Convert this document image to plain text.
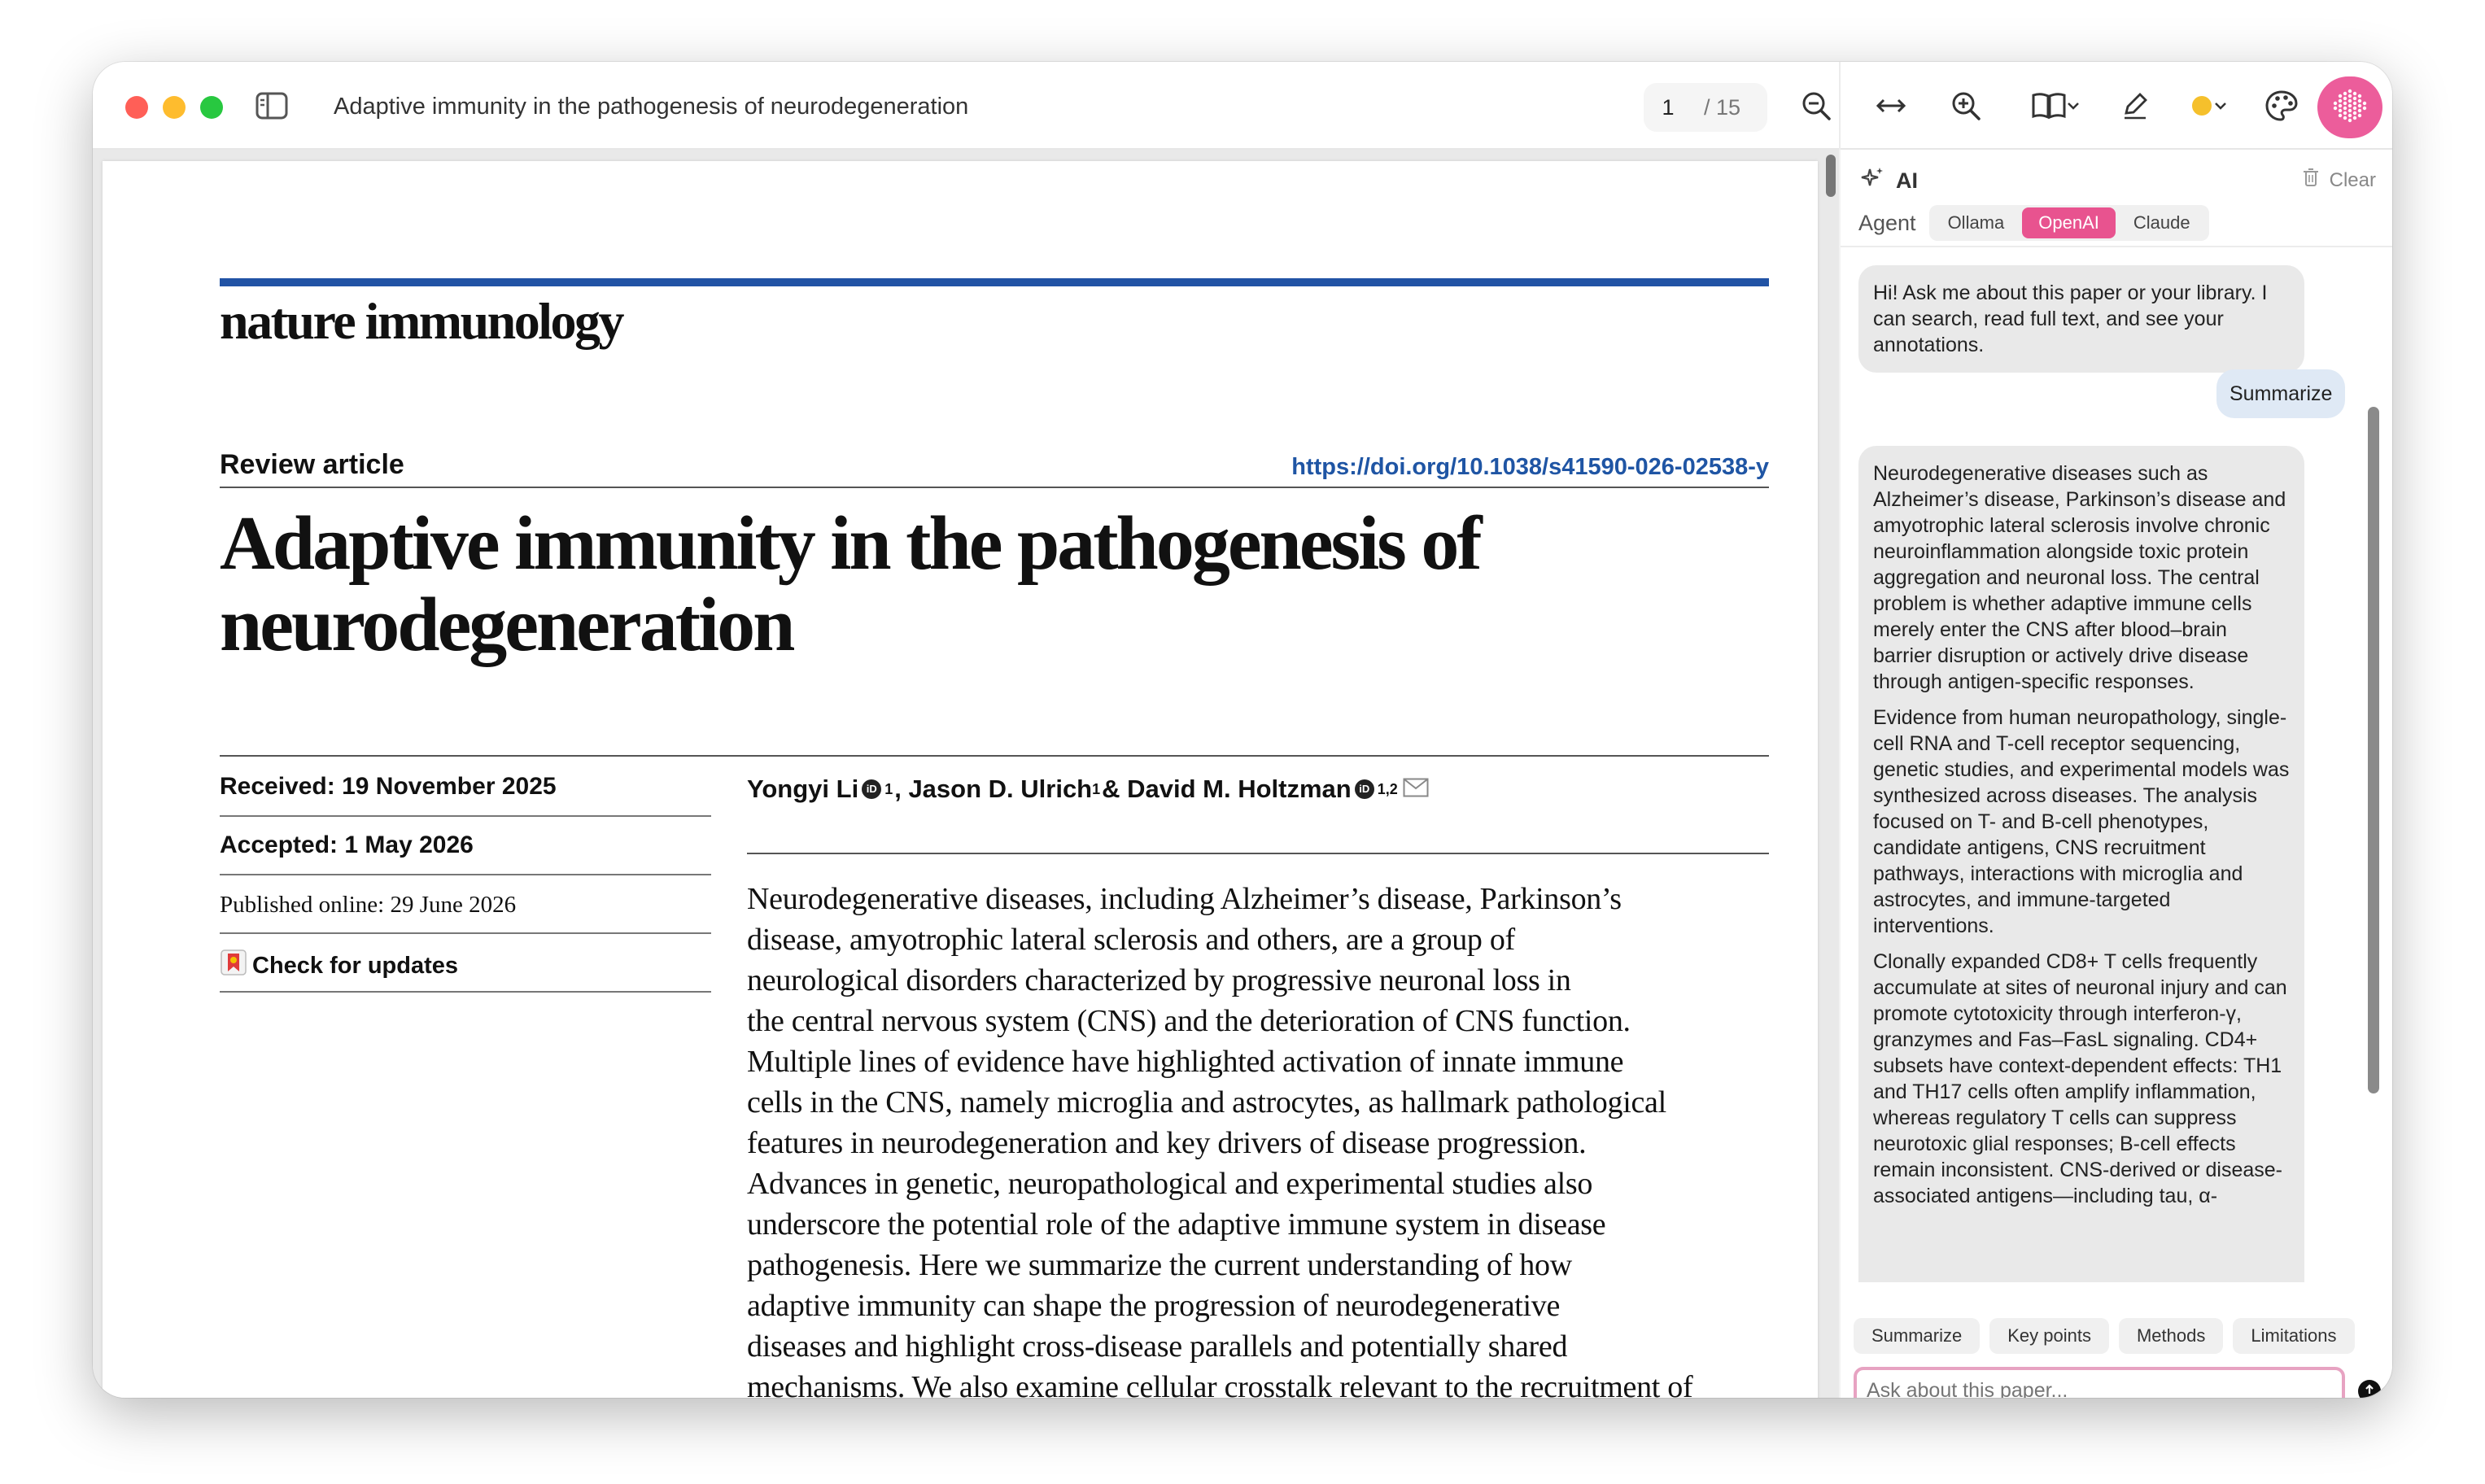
Adaptive immunity in the pathogenesis of neurodegeneration	1	/ 15
nature immunology
Review article	https://doi.org/10.1038/s41590-026-02538-y
Adaptive immunity in the pathogenesis of
neurodegeneration
Received: 19 November 2025
Accepted: 1 May 2026
Published online: 29 June 2026
Check for updates
Yongyi Li iD 1 , Jason D. Ulrich 1 & David M. Holtzman iD 1,2
Neurodegenerative diseases, including Alzheimer’s disease, Parkinson’s
disease, amyotrophic lateral sclerosis and others, are a group of
neurological disorders characterized by progressive neuronal loss in
the central nervous system (CNS) and the deterioration of CNS function.
Multiple lines of evidence have highlighted activation of innate immune
cells in the CNS, namely microglia and astrocytes, as hallmark pathological
features in neurodegeneration and key drivers of disease progression.
Advances in genetic, neuropathological and experimental studies also
underscore the potential role of the adaptive immune system in disease
pathogenesis. Here we summarize the current understanding of how
adaptive immunity can shape the progression of neurodegenerative
diseases and highlight cross-disease parallels and potentially shared
mechanisms. We also examine cellular crosstalk relevant to the recruitment of
AI	Clear
Agent	Ollama	OpenAI	Claude
Hi! Ask me about this paper or your library. I can search, read full text, and see your annotations.
Summarize

Neurodegenerative diseases such as Alzheimer’s disease, Parkinson’s disease and amyotrophic lateral sclerosis involve chronic neuroinflammation alongside toxic protein aggregation and neuronal loss. The central problem is whether adaptive immune cells merely enter the CNS after blood–brain barrier disruption or actively drive disease through antigen-specific responses.

Evidence from human neuropathology, single-cell RNA and T-cell receptor sequencing, genetic studies, and experimental models was synthesized across diseases. The analysis focused on T- and B-cell phenotypes, candidate antigens, CNS recruitment pathways, interactions with microglia and astrocytes, and immune-targeted interventions.

Clonally expanded CD8+ T cells frequently accumulate at sites of neuronal injury and can promote cytotoxicity through interferon-γ, granzymes and Fas–FasL signaling. CD4+ subsets have context-dependent effects: TH1 and TH17 cells often amplify inflammation, whereas regulatory T cells can suppress neurotoxic glial responses; B-cell effects remain inconsistent. CNS-derived or disease-associated antigens—including tau, α-

Summarize	Key points	Methods	Limitations
Ask about this paper...
